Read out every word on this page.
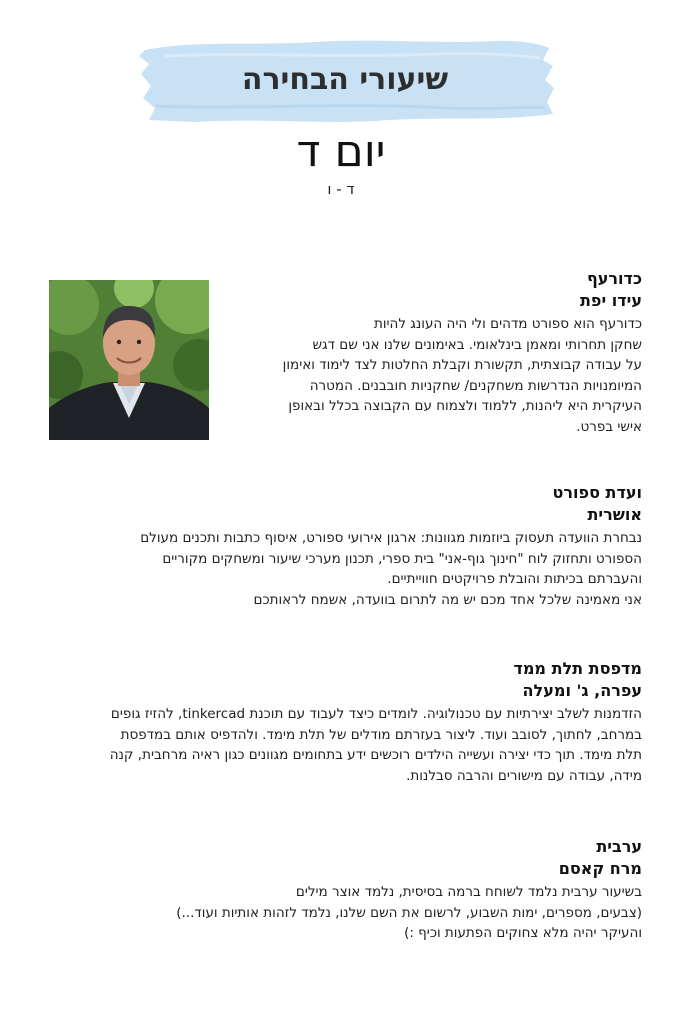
שיעורי הבחירה
יום ד
ד - ו
כדורעף
עידו יפת

כדורעף הוא ספורט מדהים ולי היה העונג להיות

שחקן תחרותי ומאמן בינלאומי. באימונים שלנו אני שם דגש

על עבודה קבוצתית, תקשורת וקבלת החלטות לצד לימוד ואימון

המיומנויות הנדרשות משחקנים/ שחקניות חובבנים. המטרה

העיקרית היא ליהנות, ללמוד ולצמוח עם הקבוצה בכלל ובאופן

אישי בפרט.

ועדת ספורט
אושרית

נבחרת הוועדה תעסוק ביוזמות מגוונות: ארגון אירועי ספורט, איסוף כתבות ותכנים מעולם

הספורט ותחזוק לוח "חינוך גוף-אני" בית ספרי, תכנון מערכי שיעור ומשחקים מקוריים

והעברתם בכיתות והובלת פרויקטים חווייתיים.

אני מאמינה שלכל אחד מכם יש מה לתרום בוועדה, אשמח לראותכם

מדפסת תלת ממד
עפרה, ג' ומעלה

הזדמנות לשלב יצירתיות עם טכנולוגיה. לומדים כיצד לעבוד עם תוכנת tinkercad, להזיז גופים

במרחב, לחתוך, לסובב ועוד. ליצור בעזרתם מודלים של תלת מימד. ולהדפיס אותם במדפסת

תלת מימד. תוך כדי יצירה ועשייה הילדים רוכשים ידע בתחומים מגוונים כגון ראיה מרחבית, קנה

מידה, עבודה עם מישורים והרבה סבלנות.

ערבית
מרח קאסם

בשיעור ערבית נלמד לשוחח ברמה בסיסית, נלמד אוצר מילים

(צבעים, מספרים, ימות השבוע, לרשום את השם שלנו, נלמד לזהות אותיות ועוד...)

והעיקר יהיה מלא צחוקים הפתעות וכיף :)
